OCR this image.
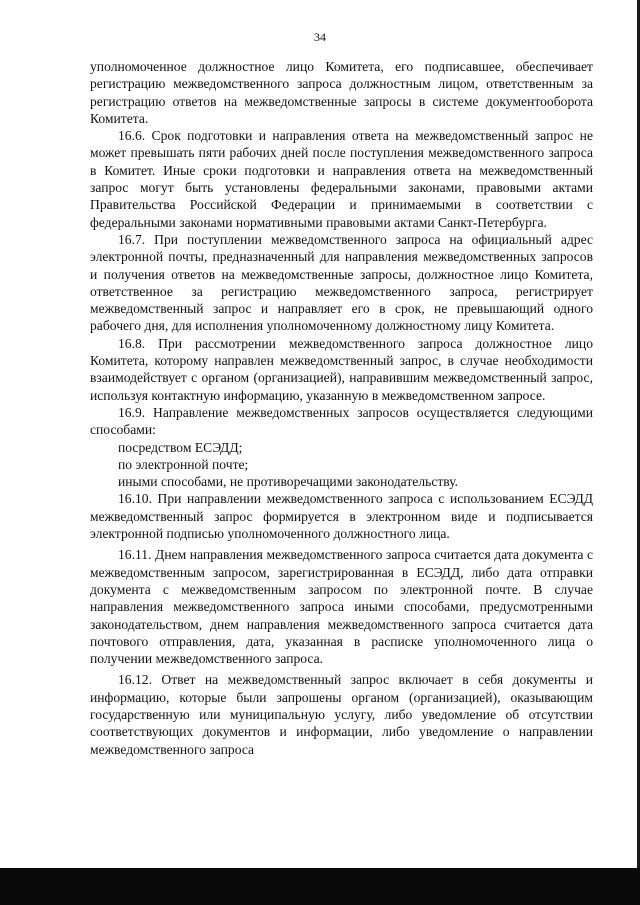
34

уполномоченное должностное лицо Комитета, его подписавшее, обеспечивает регистрацию межведомственного запроса должностным лицом, ответственным за регистрацию ответов на межведомственные запросы в системе документооборота Комитета.

16.6. Срок подготовки и направления ответа на межведомственный запрос не может превышать пяти рабочих дней после поступления межведомственного запроса в Комитет. Иные сроки подготовки и направления ответа на межведомственный запрос могут быть установлены федеральными законами, правовыми актами Правительства Российской Федерации и принимаемыми в соответствии с федеральными законами нормативными правовыми актами Санкт-Петербурга.

16.7. При поступлении межведомственного запроса на официальный адрес электронной почты, предназначенный для направления межведомственных запросов и получения ответов на межведомственные запросы, должностное лицо Комитета, ответственное за регистрацию межведомственного запроса, регистрирует межведомственный запрос и направляет его в срок, не превышающий одного рабочего дня, для исполнения уполномоченному должностному лицу Комитета.

16.8. При рассмотрении межведомственного запроса должностное лицо Комитета, которому направлен межведомственный запрос, в случае необходимости взаимодействует с органом (организацией), направившим межведомственный запрос, используя контактную информацию, указанную в межведомственном запросе.

16.9. Направление межведомственных запросов осуществляется следующими способами:

посредством ЕСЭДД;

по электронной почте;

иными способами, не противоречащими законодательству.

16.10. При направлении межведомственного запроса с использованием ЕСЭДД межведомственный запрос формируется в электронном виде и подписывается электронной подписью уполномоченного должностного лица.

16.11. Днем направления межведомственного запроса считается дата документа с межведомственным запросом, зарегистрированная в ЕСЭДД, либо дата отправки документа с межведомственным запросом по электронной почте. В случае направления межведомственного запроса иными способами, предусмотренными законодательством, днем направления межведомственного запроса считается дата почтового отправления, дата, указанная в расписке уполномоченного лица о получении межведомственного запроса.

16.12. Ответ на межведомственный запрос включает в себя документы и информацию, которые были запрошены органом (организацией), оказывающим государственную или муниципальную услугу, либо уведомление об отсутствии соответствующих документов и информации, либо уведомление о направлении межведомственного запроса
